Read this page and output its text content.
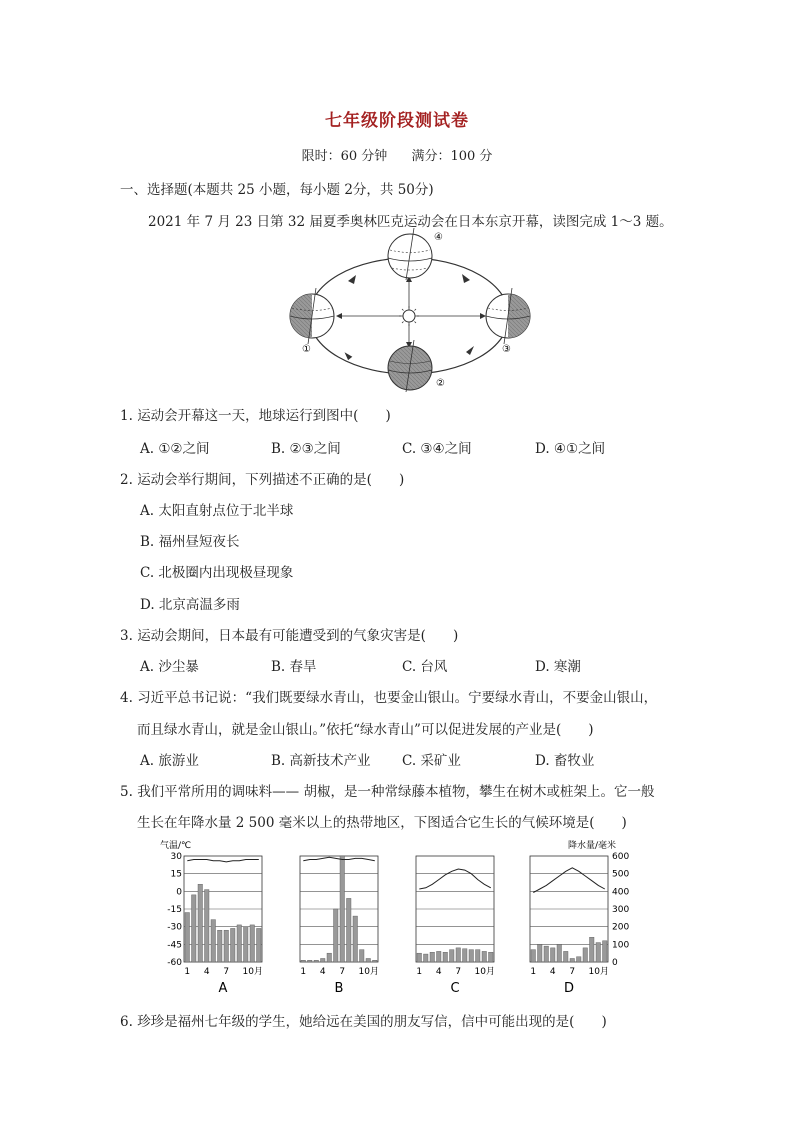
七年级阶段测试卷
限时：60 分钟 满分：100 分
一、选择题(本题共 25 小题，每小题 2分，共 50分)
2021 年 7 月 23 日第 32 届夏季奥林匹克运动会在日本东京开幕，读图完成 1～3 题。
①
②
③
④
1. 运动会开幕这一天，地球运行到图中(　　)
A. ①②之间	B. ②③之间	C. ③④之间	D. ④①之间
2. 运动会举行期间，下列描述不正确的是(　　)
A. 太阳直射点位于北半球
B. 福州昼短夜长
C. 北极圈内出现极昼现象
D. 北京高温多雨
3. 运动会期间，日本最有可能遭受到的气象灾害是(　　)
A. 沙尘暴	B. 春旱	C. 台风	D. 寒潮
4. 习近平总书记说：“我们既要绿水青山，也要金山银山。宁要绿水青山，不要金山银山，
而且绿水青山，就是金山银山。”依托“绿水青山”可以促进发展的产业是(　　)
A. 旅游业	B. 高新技术产业 C. 采矿业	D. 畜牧业
5. 我们平常所用的调味料—— 胡椒，是一种常绿藤本植物，攀生在树木或桩架上。它一般
生长在年降水量 2 500 毫米以上的热带地区，下图适合它生长的气候环境是(　　)
气温/℃	降水量/毫米
30
15
0
-15
-30
-45
-60
600
500
400
300
200
100
0
1 4 7 10月
A
1 4 7 10月
B
1 4 7 10月
C
1 4 7 10月
D
6. 珍珍是福州七年级的学生，她给远在美国的朋友写信，信中可能出现的是(　　)
